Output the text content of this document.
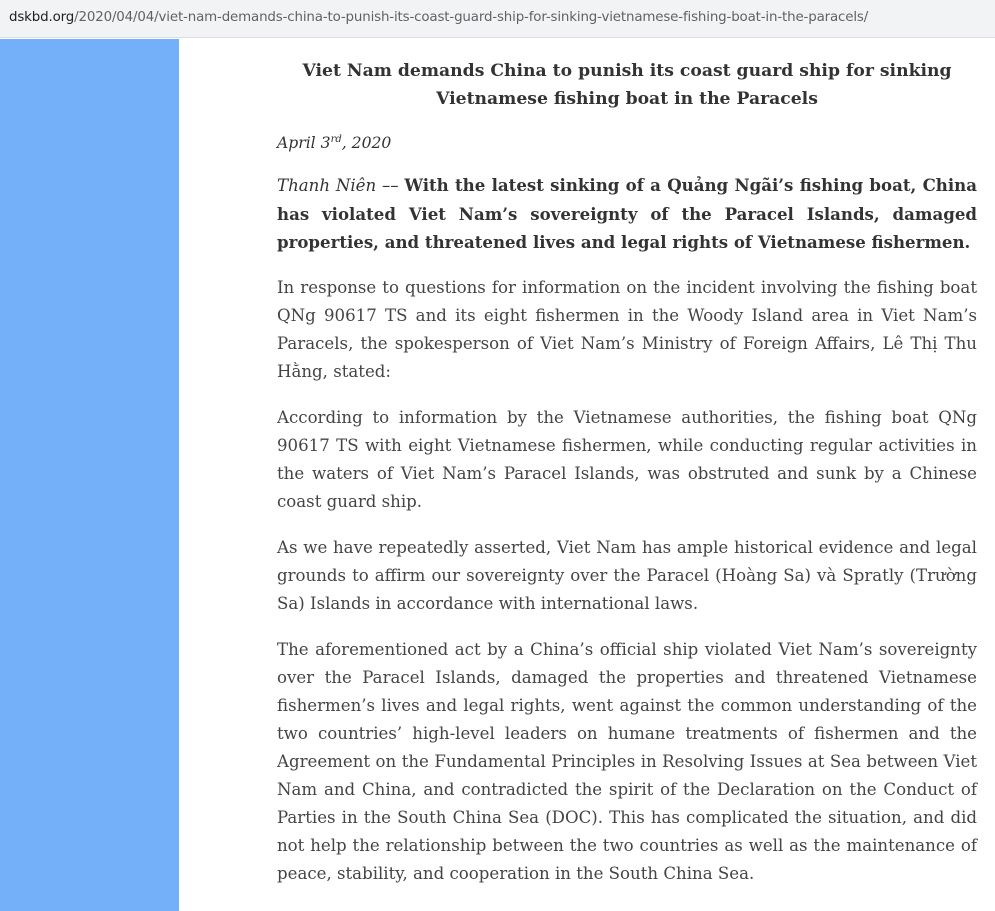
dskbd.org/2020/04/04/viet-nam-demands-china-to-punish-its-coast-guard-ship-for-sinking-vietnamese-fishing-boat-in-the-paracels/
Viet Nam demands China to punish its coast guard ship for sinking Vietnamese fishing boat in the Paracels

April 3rd, 2020

Thanh Niên –– With the latest sinking of a Quảng Ngãi’s fishing boat, China has violated Viet Nam’s sovereignty of the Paracel Islands, damaged properties, and threatened lives and legal rights of Vietnamese fishermen.

In response to questions for information on the incident involving the fishing boat QNg 90617 TS and its eight fishermen in the Woody Island area in Viet Nam’s Paracels, the spokesperson of Viet Nam’s Ministry of Foreign Affairs, Lê Thị Thu Hằng, stated:

According to information by the Vietnamese authorities, the fishing boat QNg 90617 TS with eight Vietnamese fishermen, while conducting regular activities in the waters of Viet Nam’s Paracel Islands, was obstruted and sunk by a Chinese coast guard ship.

As we have repeatedly asserted, Viet Nam has ample historical evidence and legal grounds to affirm our sovereignty over the Paracel (Hoàng Sa) và Spratly (Trường Sa) Islands in accordance with international laws.

The aforementioned act by a China’s official ship violated Viet Nam’s sovereignty over the Paracel Islands, damaged the properties and threatened Vietnamese fishermen’s lives and legal rights, went against the common understanding of the two countries’ high-level leaders on humane treatments of fishermen and the Agreement on the Fundamental Principles in Resolving Issues at Sea between Viet Nam and China, and contradicted the spirit of the Declaration on the Conduct of Parties in the South China Sea (DOC). This has complicated the situation, and did not help the relationship between the two countries as well as the maintenance of peace, stability, and cooperation in the South China Sea.
